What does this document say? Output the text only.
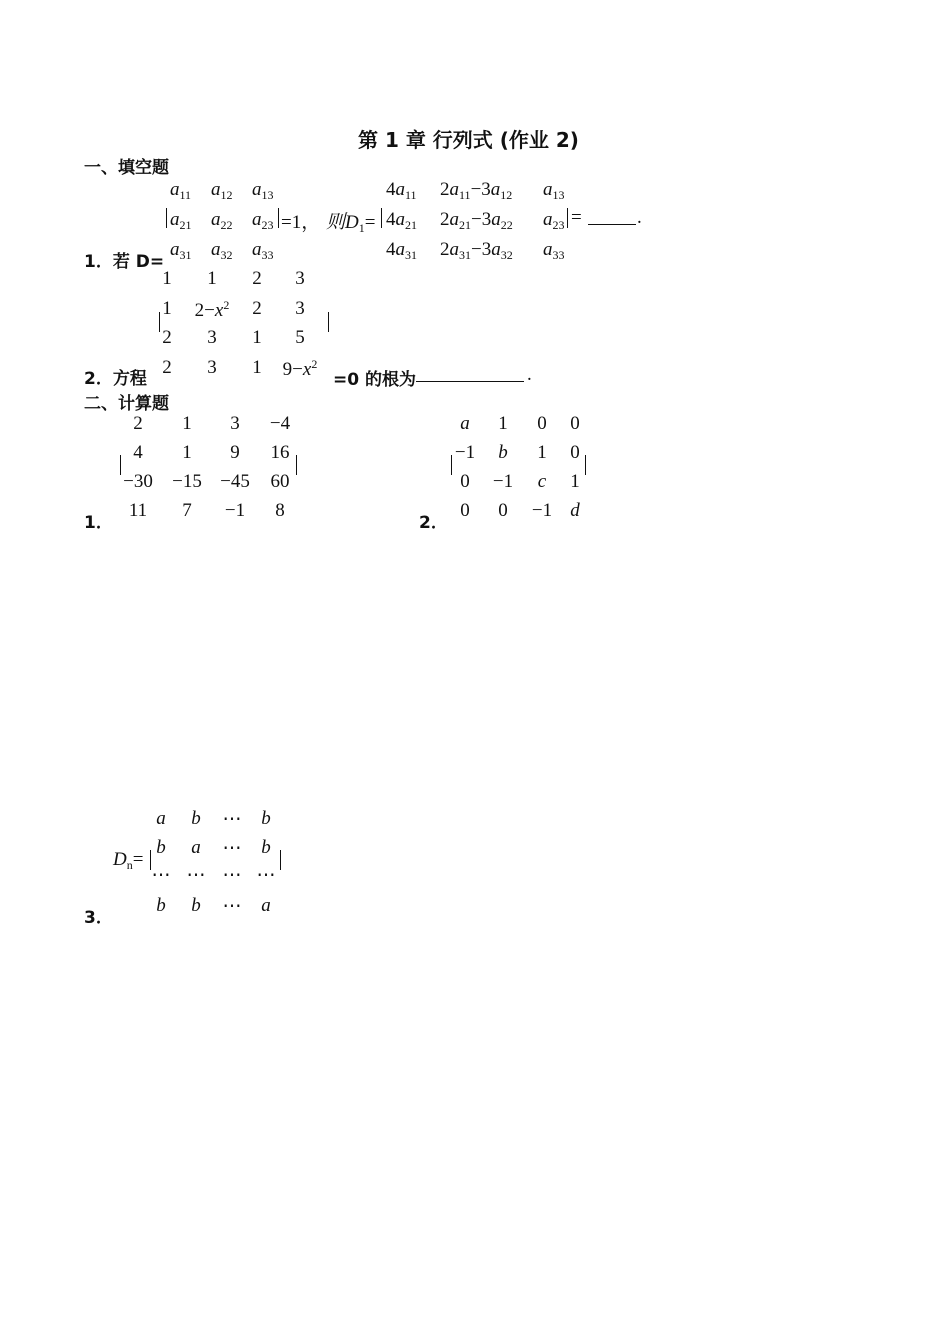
第 1 章 行列式 (作业 2)
一、填空题
1．若 D=
$a_{11}$ $a_{12}$ $a_{13}$
$a_{21}$ $a_{22}$ $a_{23}$
$a_{31}$ $a_{32}$ $a_{33}$
=1， 则$D_1=$
$4a_{11}$ $2a_{11}-3a_{12}$ $a_{13}$
$4a_{21}$ $2a_{21}-3a_{22}$ $a_{23}$
$4a_{31}$ $2a_{31}-3a_{32}$ $a_{33}$
=	.
2．方程
1 1 2 3
1 $2-x^2$ 2 3
2 3 1 5
2 3 1 $9-x^2$
=0 的根为	.
二、计算题
1．
2 1 3 −4
4 1 9 16
−30 −15 −45 60
11 7 −1 8
2．
a 1 0 0
−1 b 1 0
0 −1 c 1
0 0 −1 d
3．
$D_n=$
a b ⋯ b
b a ⋯ b
⋯ ⋯ ⋯ ⋯
b b ⋯ a
